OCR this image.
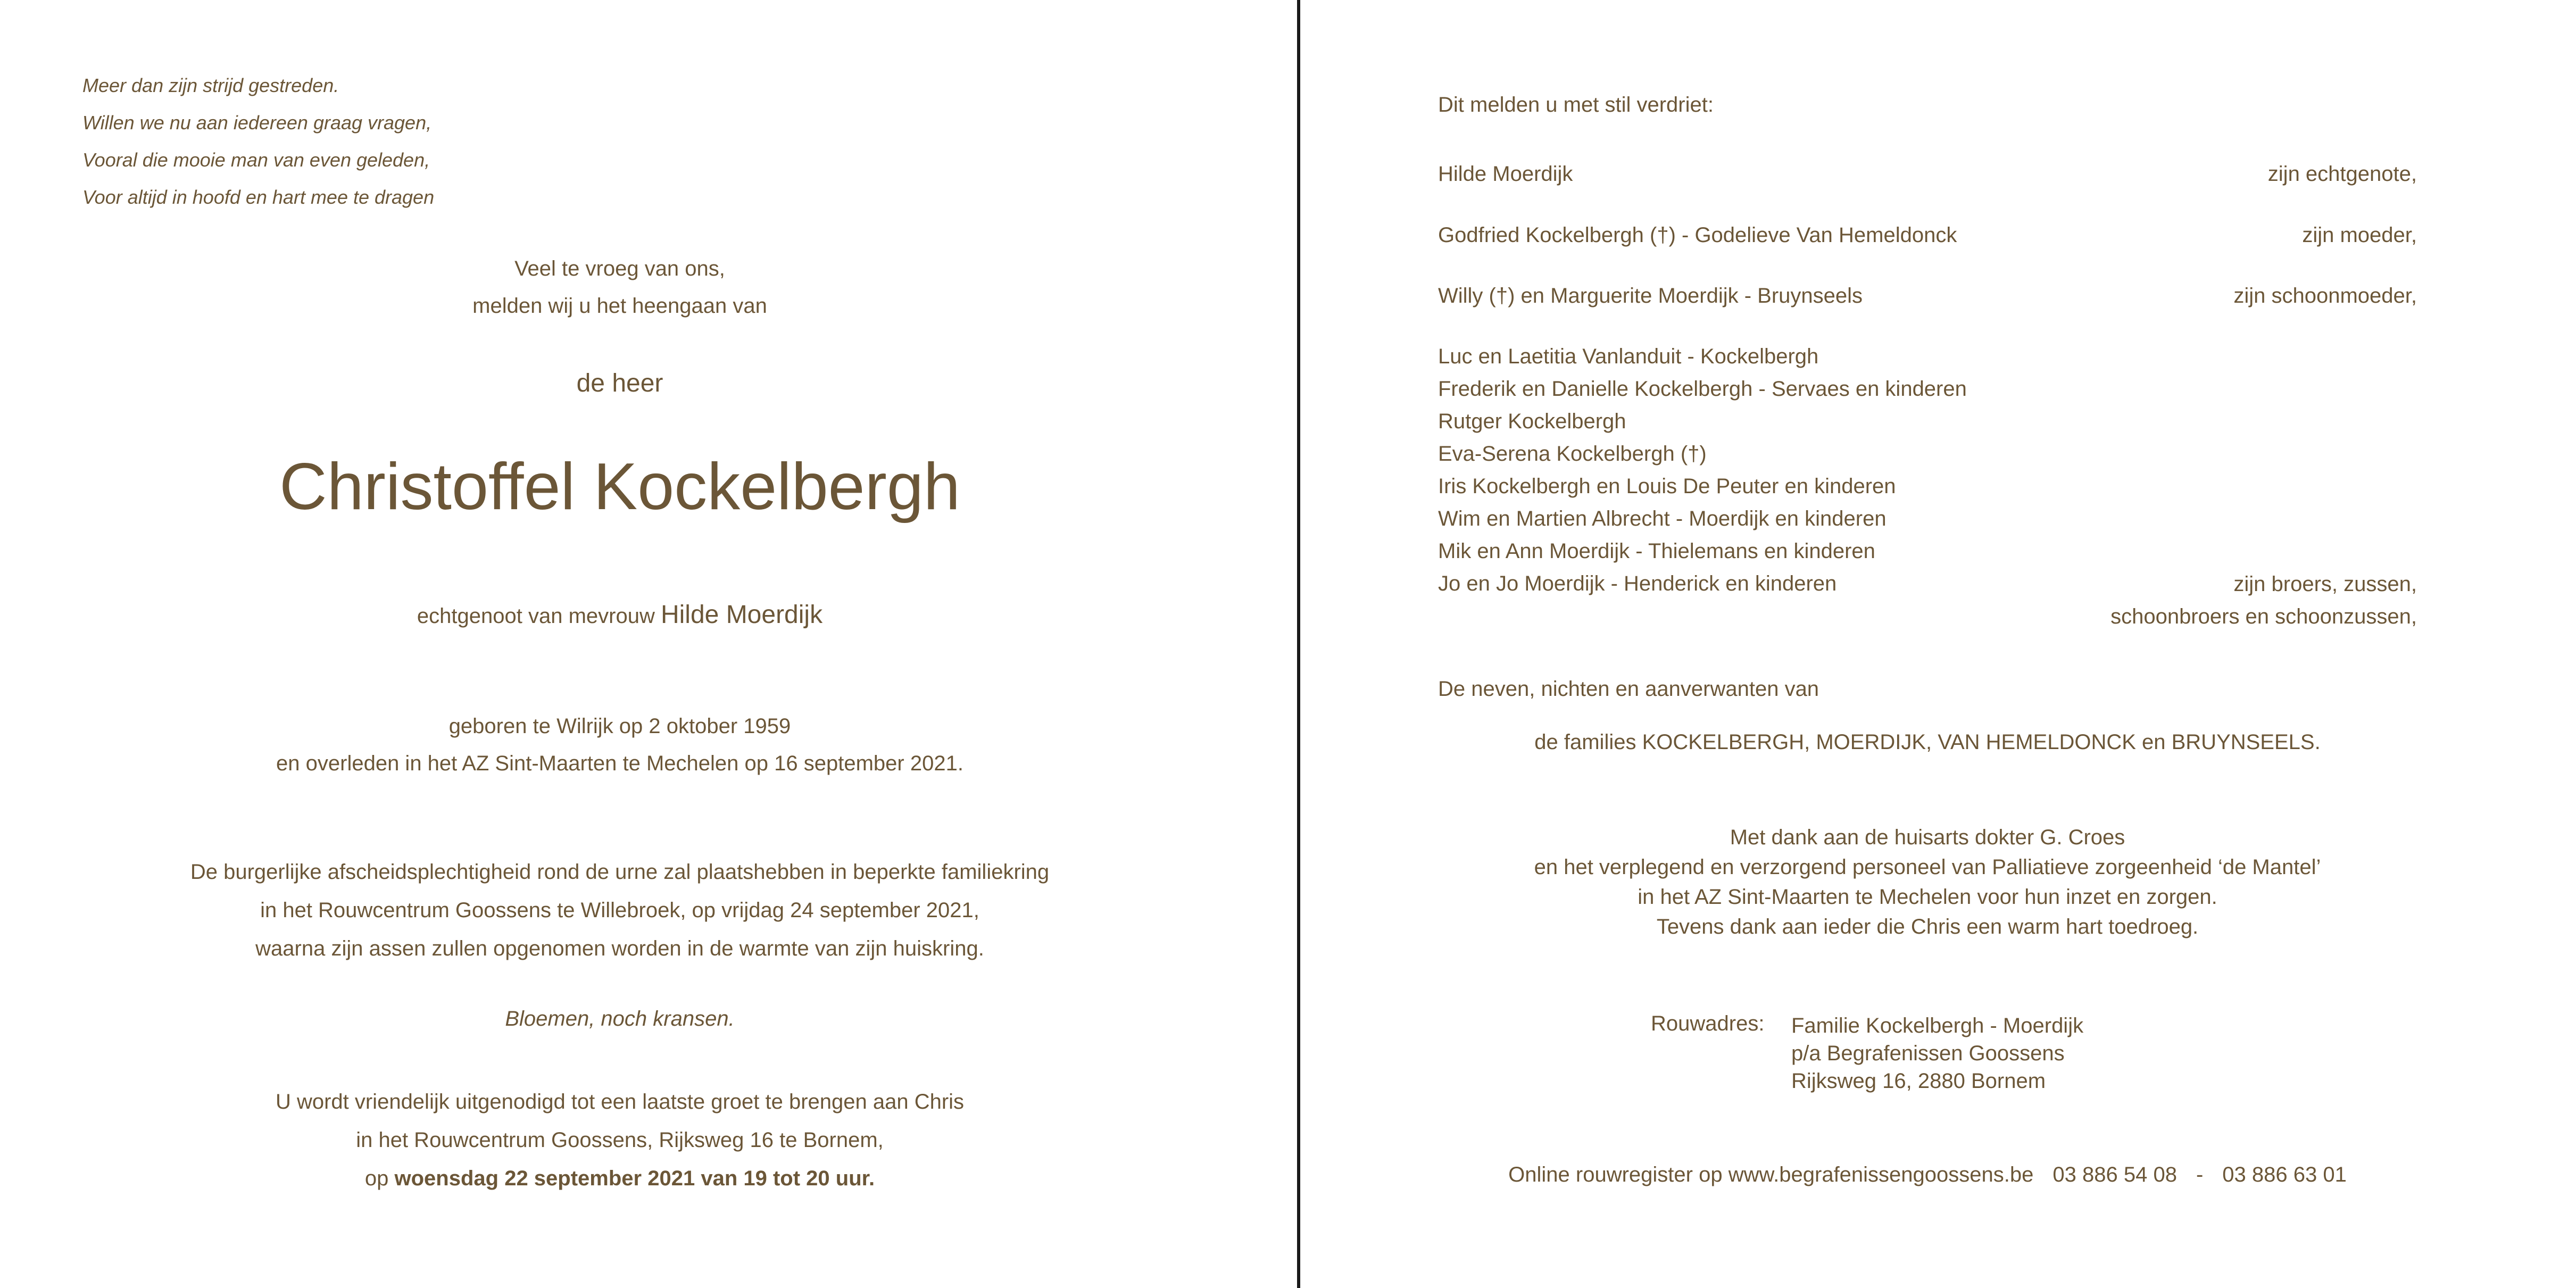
Meer dan zijn strijd gestreden.
Willen we nu aan iedereen graag vragen,
Vooral die mooie man van even geleden,
Voor altijd in hoofd en hart mee te dragen
Veel te vroeg van ons,
melden wij u het heengaan van
de heer
Christoffel Kockelbergh
echtgenoot van mevrouw Hilde Moerdijk
geboren te Wilrijk op 2 oktober 1959
en overleden in het AZ Sint-Maarten te Mechelen op 16 september 2021.
De burgerlijke afscheidsplechtigheid rond de urne zal plaatshebben in beperkte familiekring
in het Rouwcentrum Goossens te Willebroek, op vrijdag 24 september 2021,
waarna zijn assen zullen opgenomen worden in de warmte van zijn huiskring.
Bloemen, noch kransen.
U wordt vriendelijk uitgenodigd tot een laatste groet te brengen aan Chris
in het Rouwcentrum Goossens, Rijksweg 16 te Bornem,
op woensdag 22 september 2021 van 19 tot 20 uur.
Dit melden u met stil verdriet:
Hilde Moerdijk	zijn echtgenote,
Godfried Kockelbergh (†) - Godelieve Van Hemeldonck	zijn moeder,
Willy (†) en Marguerite Moerdijk - Bruynseels	zijn schoonmoeder,
Luc en Laetitia Vanlanduit - Kockelbergh
Frederik en Danielle Kockelbergh - Servaes en kinderen
Rutger Kockelbergh
Eva-Serena Kockelbergh (†)
Iris Kockelbergh en Louis De Peuter en kinderen
Wim en Martien Albrecht - Moerdijk en kinderen
Mik en Ann Moerdijk - Thielemans en kinderen
Jo en Jo Moerdijk - Henderick en kinderen	zijn broers, zussen,
schoonbroers en schoonzussen,
De neven, nichten en aanverwanten van
de families KOCKELBERGH, MOERDIJK, VAN HEMELDONCK en BRUYNSEELS.
Met dank aan de huisarts dokter G. Croes
en het verplegend en verzorgend personeel van Palliatieve zorgeenheid ‘de Mantel’
in het AZ Sint-Maarten te Mechelen voor hun inzet en zorgen.
Tevens dank aan ieder die Chris een warm hart toedroeg.
Rouwadres: Familie Kockelbergh - Moerdijk
p/a Begrafenissen Goossens
Rijksweg 16, 2880 Bornem
Online rouwregister op www.begrafenissengoossens.be 03 886 54 08 - 03 886 63 01
